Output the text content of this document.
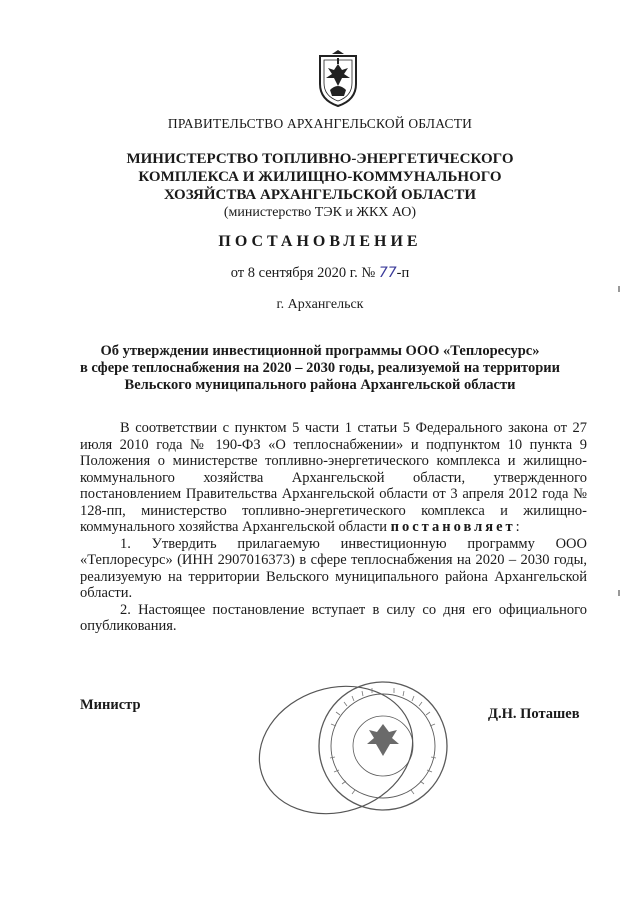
ПРАВИТЕЛЬСТВО АРХАНГЕЛЬСКОЙ ОБЛАСТИ
МИНИСТЕРСТВО ТОПЛИВНО-ЭНЕРГЕТИЧЕСКОГО
КОМПЛЕКСА И ЖИЛИЩНО-КОММУНАЛЬНОГО
ХОЗЯЙСТВА АРХАНГЕЛЬСКОЙ ОБЛАСТИ
(министерство ТЭК и ЖКХ АО)
ПОСТАНОВЛЕНИЕ
от 8 сентября 2020 г. № 77-п
г. Архангельск
Об утверждении инвестиционной программы ООО «Теплоресурс»
в сфере теплоснабжения на 2020 – 2030 годы, реализуемой на территории
Вельского муниципального района Архангельской области

В соответствии с пунктом 5 части 1 статьи 5 Федерального закона от 27 июля 2010 года № 190-ФЗ «О теплоснабжении» и подпунктом 10 пункта 9 Положения о министерстве топливно-энергетического комплекса и жилищно-коммунального хозяйства Архангельской области, утвержденного постановлением Правительства Архангельской области от 3 апреля 2012 года № 128-пп, министерство топливно-энергетического комплекса и жилищно-коммунального хозяйства Архангельской области постановляет:

1. Утвердить прилагаемую инвестиционную программу ООО «Теплоресурс» (ИНН 2907016373) в сфере теплоснабжения на 2020 – 2030 годы, реализуемую на территории Вельского муниципального района Архангельской области.

2. Настоящее постановление вступает в силу со дня его официального опубликования.

Министр
Д.Н. Поташев
